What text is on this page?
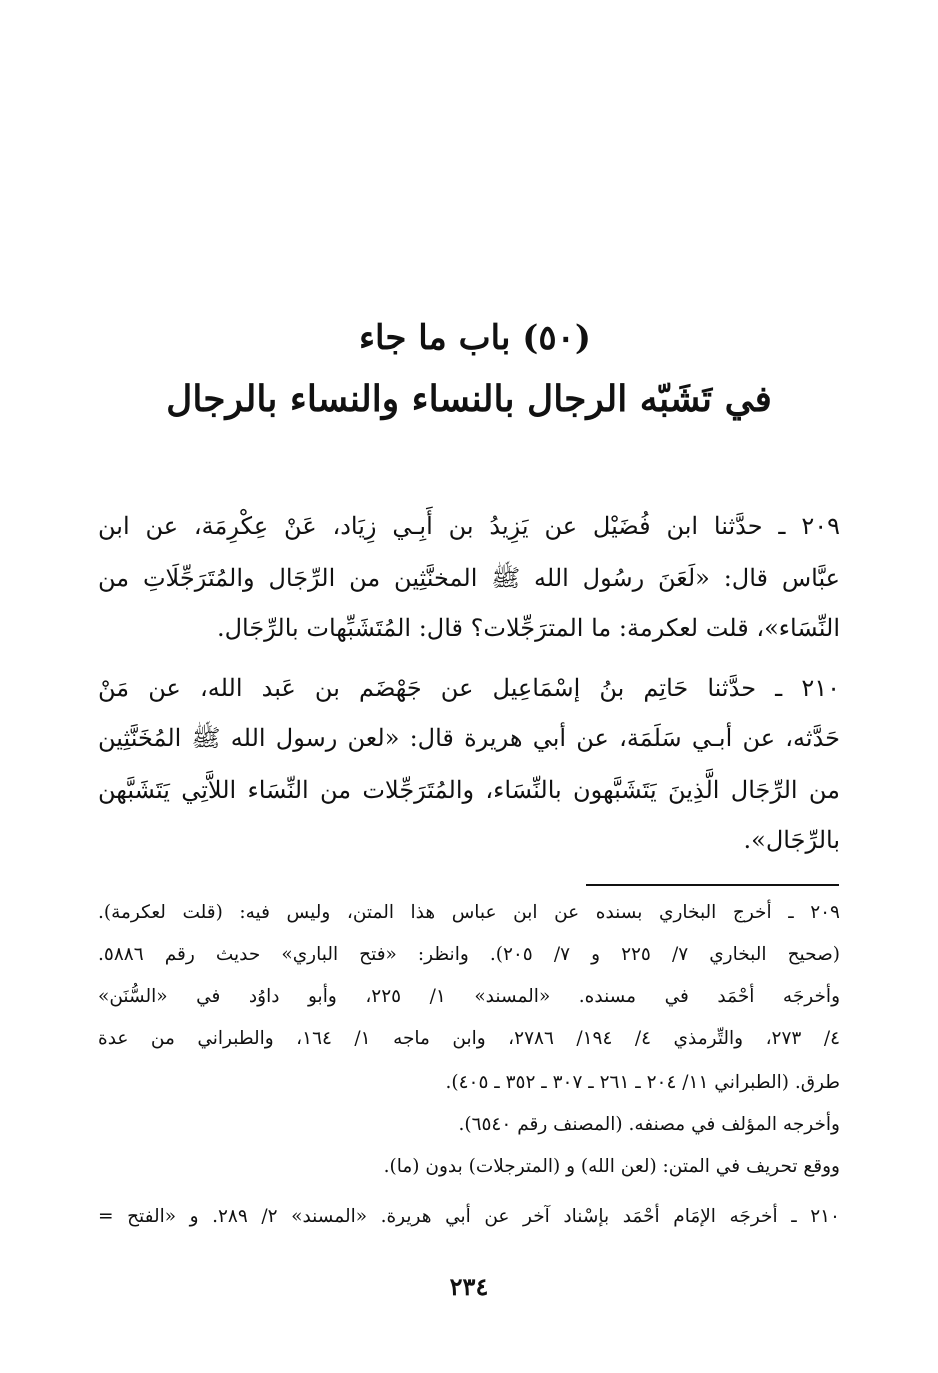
(٥٠) باب ما جاء
في تَشَبّه الرجال بالنساء والنساء بالرجال
٢٠٩ ـ حدَّثنا ابن فُضَيْل عن يَزِيدُ بن أَبِـي زِيَاد، عَنْ عِكْرِمَة، عن ابن
عبَّاس قال: «لَعَنَ رسُول الله ﷺ المخنَّثِين من الرِّجَال والمُتَرَجِّلَاتِ من
النِّسَاء»، قلت لعكرمة: ما المترَجِّلات؟ قال: المُتَشَبِّهات بالرِّجَال.
٢١٠ ـ حدَّثنا حَاتِم بنُ إسْمَاعِيل عن جَهْضَم بن عَبد الله، عن مَنْ
حَدَّثه، عن أبـي سَلَمَة، عن أبي هريرة قال: «لعن رسول الله ﷺ المُخَنَّثِين
من الرِّجَال الَّذِينَ يَتَشَبَّهون بالنِّسَاء، والمُتَرَجِّلات من النِّسَاء اللاَّتِي يَتَشَبَّهن
بالرِّجَال».
٢٠٩ ـ أخرج البخاري بسنده عن ابن عباس هذا المتن، وليس فيه: (قلت لعكرمة).
(صحيح البخاري ٧/ ٢٢٥ و ٧/ ٢٠٥). وانظر: «فتح الباري» حديث رقم ٥٨٨٦.
وأخرجَه أحْمَد في مسنده. «المسند» ١/ ٢٢٥، وأبو داوُد في «السُّنَن»
٤/ ٢٧٣، والتِّرمذي ٤/ ١٩٤/ ٢٧٨٦، وابن ماجه ١/ ١٦٤، والطبراني من عدة
طرق. (الطبراني ١١/ ٢٠٤ ـ ٢٦١ ـ ٣٠٧ ـ ٣٥٢ ـ ٤٠٥).
وأخرجه المؤلف في مصنفه. (المصنف رقم ٦٥٤٠).
ووقع تحريف في المتن: (لعن الله) و (المترجلات) بدون (ما).
٢١٠ ـ أخرجَه الإمَام أحْمَد بإسْناد آخر عن أبي هريرة. «المسند» ٢/ ٢٨٩. و «الفتح =
٢٣٤
